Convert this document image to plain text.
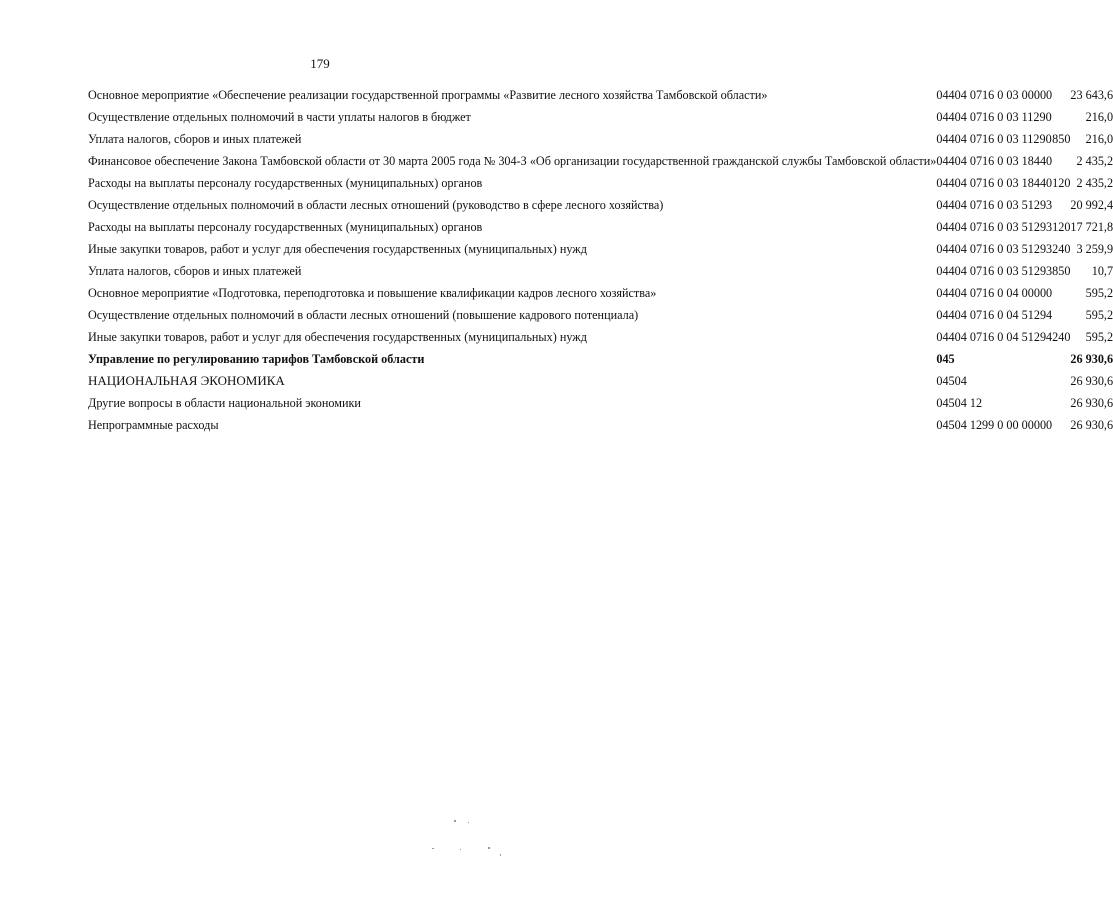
179
Основное мероприятие «Обеспечение реализации государственной программы «Развитие лесного хозяйства Тамбовской области»	044	04 07	16 0 03 00000		23 643,6
Осуществление отдельных полномочий в части уплаты налогов в бюджет	044	04 07	16 0 03 11290		216,0
Уплата налогов, сборов и иных платежей	044	04 07	16 0 03 11290	850	216,0
Финансовое обеспечение Закона Тамбовской области от 30 марта 2005 года № 304-З «Об организации государственной гражданской службы Тамбовской области»	044	04 07	16 0 03 18440		2 435,2
Расходы на выплаты персоналу государственных (муниципальных) органов	044	04 07	16 0 03 18440	120	2 435,2
Осуществление отдельных полномочий в области лесных отношений (руководство в сфере лесного хозяйства)	044	04 07	16 0 03 51293		20 992,4
Расходы на выплаты персоналу государственных (муниципальных) органов	044	04 07	16 0 03 51293	120	17 721,8
Иные закупки товаров, работ и услуг для обеспечения государственных (муниципальных) нужд	044	04 07	16 0 03 51293	240	3 259,9
Уплата налогов, сборов и иных платежей	044	04 07	16 0 03 51293	850	10,7
Основное мероприятие «Подготовка, переподготовка и повышение квалификации кадров лесного хозяйства»	044	04 07	16 0 04 00000		595,2
Осуществление отдельных полномочий в области лесных отношений (повышение кадрового потенциала)	044	04 07	16 0 04 51294		595,2
Иные закупки товаров, работ и услуг для обеспечения государственных (муниципальных) нужд	044	04 07	16 0 04 51294	240	595,2
Управление по регулированию тарифов Тамбовской области	045				26 930,6
НАЦИОНАЛЬНАЯ ЭКОНОМИКА	045	04			26 930,6
Другие вопросы в области национальной экономики	045	04 12			26 930,6
Непрограммные расходы	045	04 12	99 0 00 00000		26 930,6
